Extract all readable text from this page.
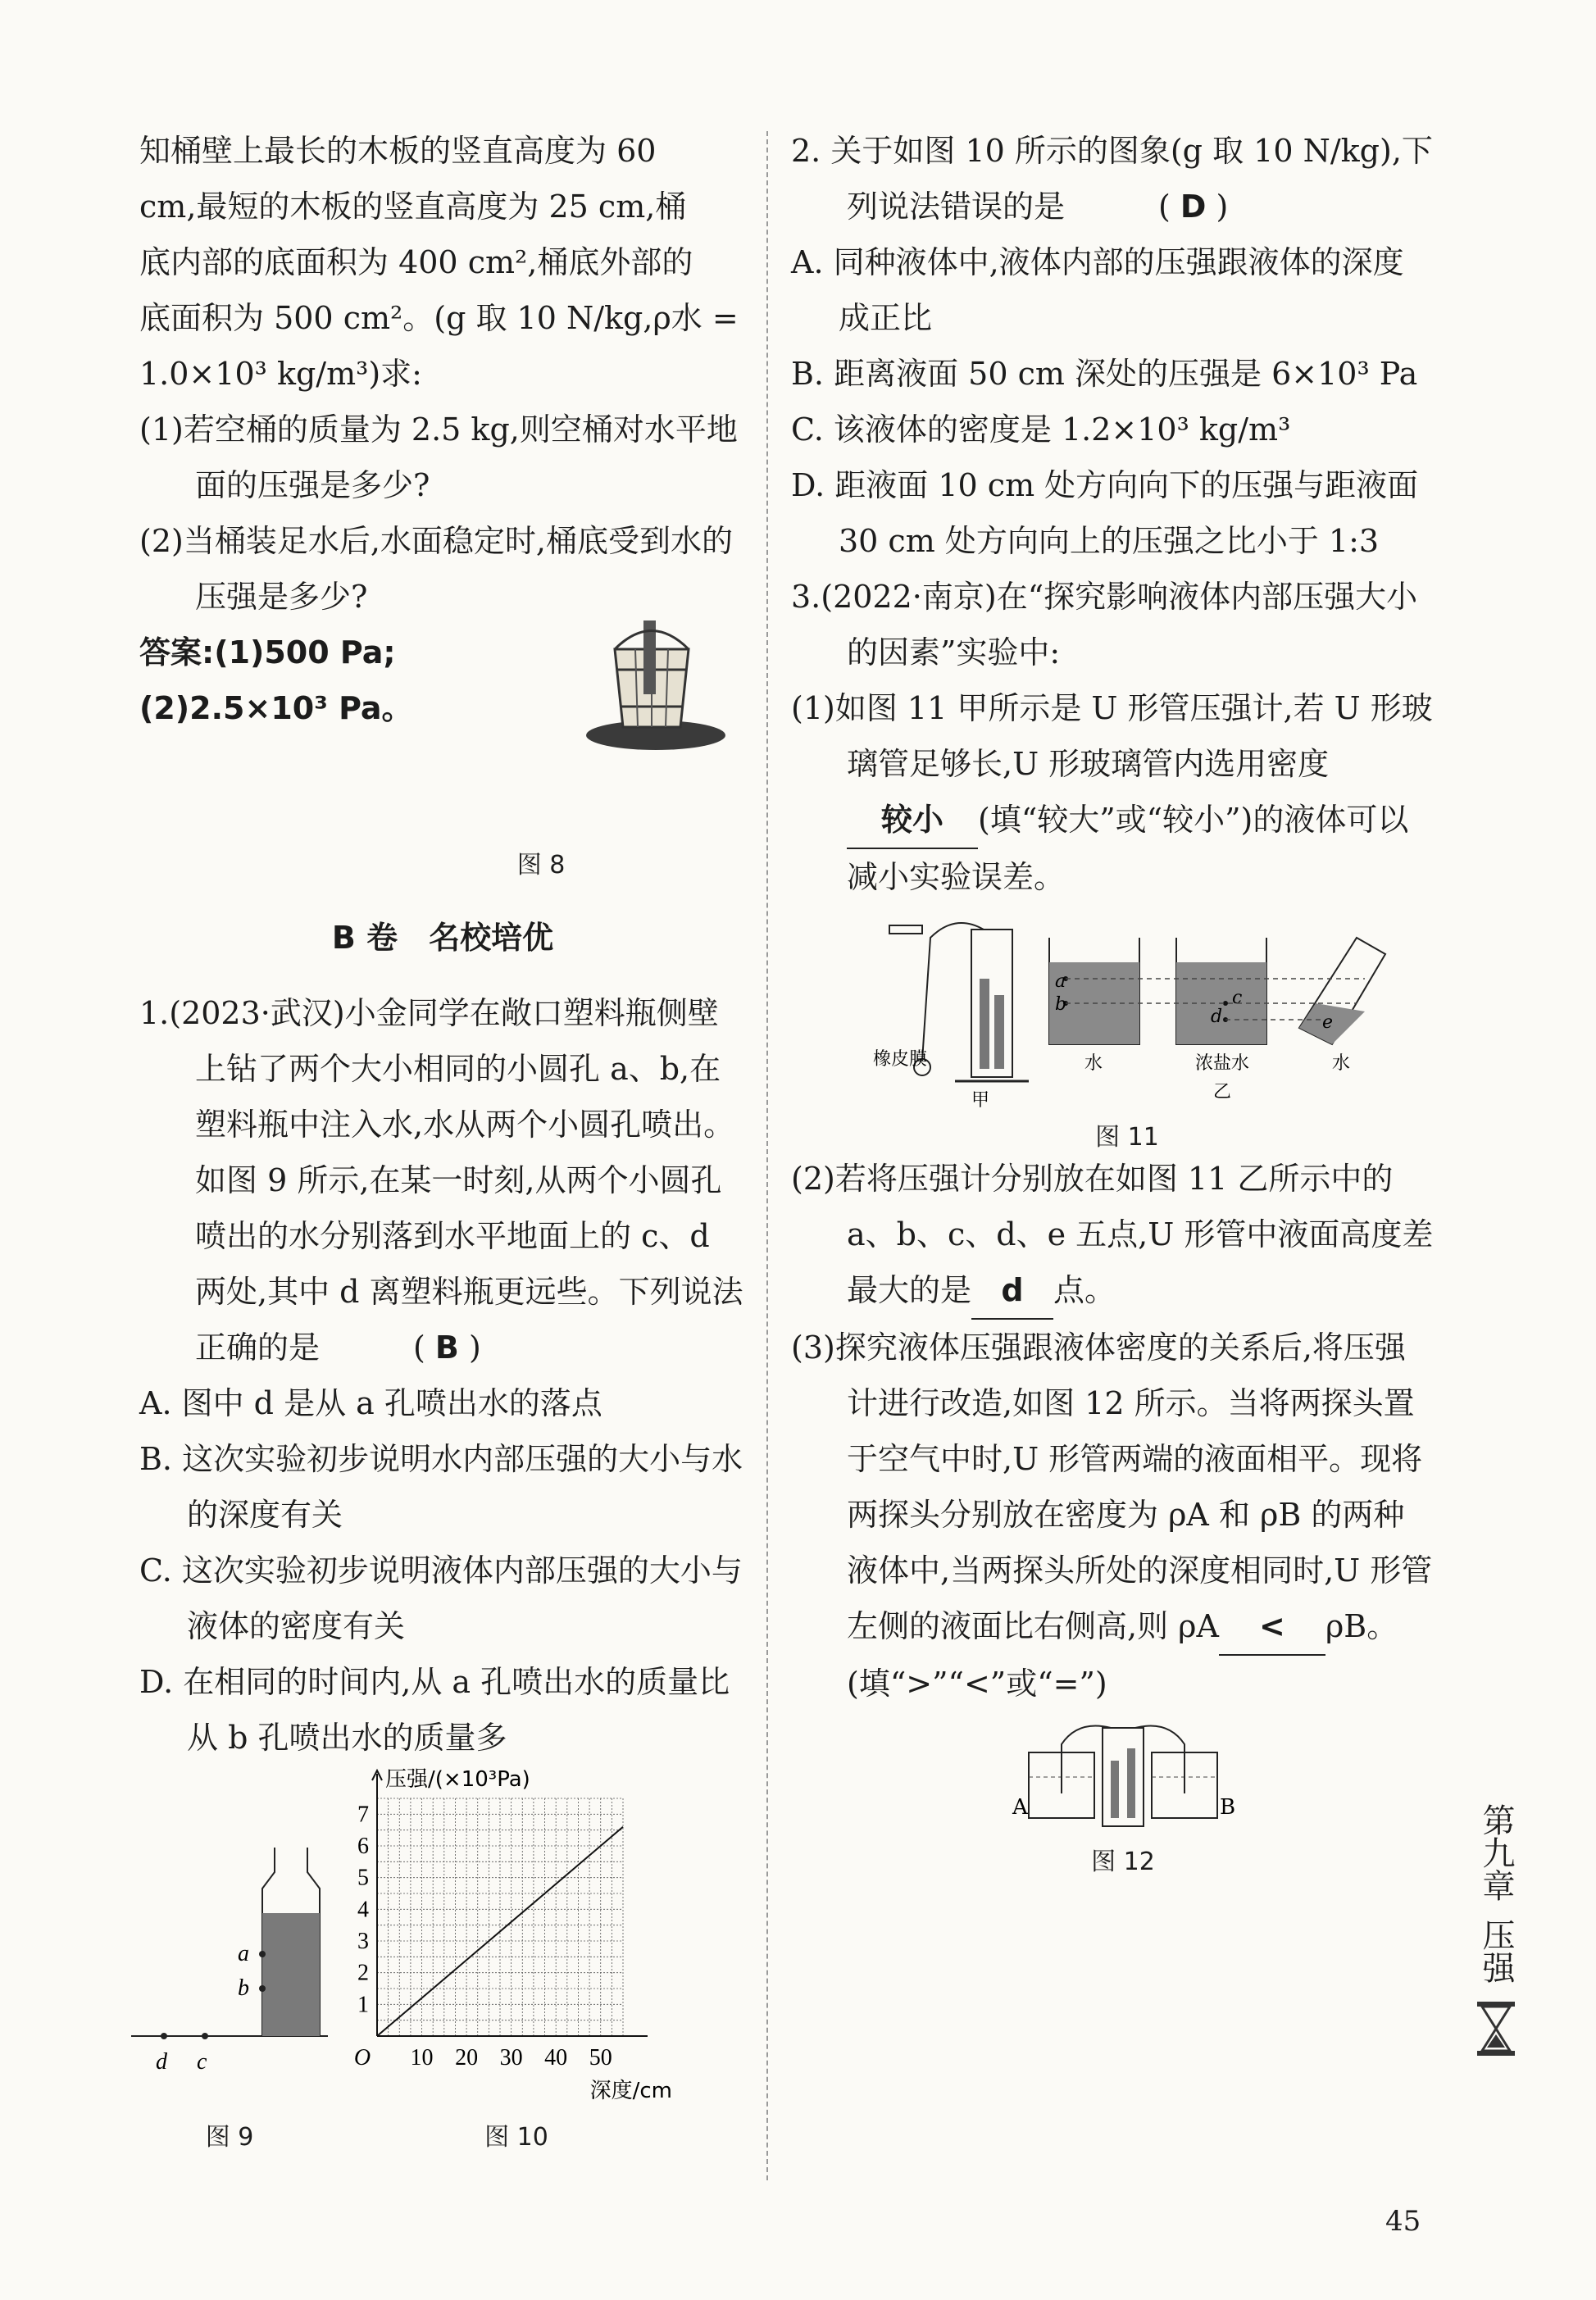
知桶壁上最长的木板的竖直高度为 60

cm,最短的木板的竖直高度为 25 cm,桶

底内部的底面积为 400 cm²,桶底外部的

底面积为 500 cm²。(g 取 10 N/kg,ρ水 =

1.0×10³ kg/m³)求:

(1)若空桶的质量为 2.5 kg,则空桶对水平地面的压强是多少?

(2)当桶装足水后,水面稳定时,桶底受到水的压强是多少?

答案:(1)500 Pa;

(2)2.5×10³ Pa。

图 8

B 卷　名校培优

1.(2023·武汉)小金同学在敞口塑料瓶侧壁上钻了两个大小相同的小圆孔 a、b,在塑料瓶中注入水,水从两个小圆孔喷出。如图 9 所示,在某一时刻,从两个小圆孔喷出的水分别落到水平地面上的 c、d 两处,其中 d 离塑料瓶更远些。下列说法正确的是　　　( B )

A. 图中 d 是从 a 孔喷出水的落点

B. 这次实验初步说明水内部压强的大小与水的深度有关

C. 这次实验初步说明液体内部压强的大小与液体的密度有关

D. 在相同的时间内,从 a 孔喷出水的质量比从 b 孔喷出水的质量多

a
b
d c

图 9

10 20 30 40 50
1
2
3
4
5
6
7
O
压强/(×10³Pa)
深度/cm

图 10

2. 关于如图 10 所示的图象(g 取 10 N/kg),下列说法错误的是　　　( D )

A. 同种液体中,液体内部的压强跟液体的深度成正比

B. 距离液面 50 cm 深处的压强是 6×10³ Pa

C. 该液体的密度是 1.2×10³ kg/m³

D. 距液面 10 cm 处方向向下的压强与距液面 30 cm 处方向向上的压强之比小于 1:3

3.(2022·南京)在“探究影响液体内部压强大小的因素”实验中:

(1)如图 11 甲所示是 U 形管压强计,若 U 形玻璃管足够长,U 形玻璃管内选用密度较小 (填“较大”或“较小”)的液体可以减小实验误差。

a
b	c
d	e
橡皮膜
甲
水	浓盐水
乙
水

图 11

(2)若将压强计分别放在如图 11 乙所示中的 a、b、c、d、e 五点,U 形管中液面高度差最大的是 d 点。

(3)探究液体压强跟液体密度的关系后,将压强计进行改造,如图 12 所示。当将两探头置于空气中时,U 形管两端的液面相平。现将两探头分别放在密度为 ρA 和 ρB 的两种液体中,当两探头所处的深度相同时,U 形管左侧的液面比右侧高,则 ρA < ρB。(填“>”“<”或“=”)

A	B

图 12	第九章
压强
45
